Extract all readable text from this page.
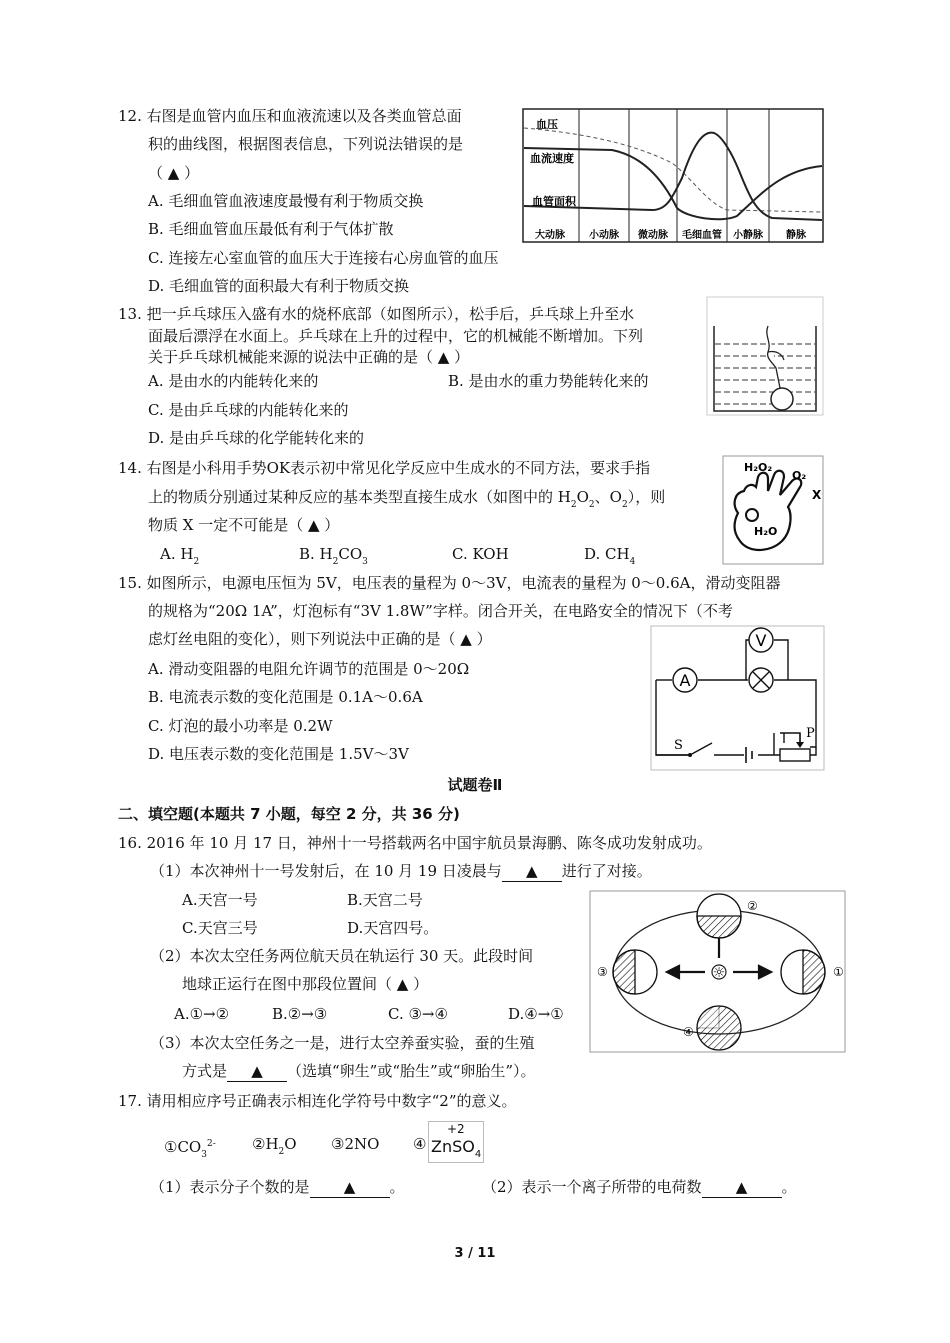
12. 右图是血管内血压和血液流速以及各类血管总面
积的曲线图，根据图表信息，下列说法错误的是
（ ▲ ）
A. 毛细血管血液速度最慢有利于物质交换
B. 毛细血管血压最低有利于气体扩散
C. 连接左心室血管的血压大于连接右心房血管的血压
D. 毛细血管的面积最大有利于物质交换
血压
血流速度
血管面积
大动脉 小动脉 微动脉 毛细血管 小静脉 静脉
13. 把一乒乓球压入盛有水的烧杯底部（如图所示），松手后，乒乓球上升至水
面最后漂浮在水面上。乒乓球在上升的过程中，它的机械能不断增加。下列
关于乒乓球机械能来源的说法中正确的是（ ▲ ）
A. 是由水的内能转化来的	B. 是由水的重力势能转化来的
C. 是由乒乓球的内能转化来的
D. 是由乒乓球的化学能转化来的
14. 右图是小科用手势OK表示初中常见化学反应中生成水的不同方法，要求手指
上的物质分别通过某种反应的基本类型直接生成水（如图中的 $H_2O_2$、$O_2$），则
物质 X 一定不可能是（ ▲ ）
A. $H_2$	B. $H_2CO_3$	C. KOH	D. $CH_4$
H₂O₂
O₂
X
H₂O
15. 如图所示，电源电压恒为 5V，电压表的量程为 0～3V，电流表的量程为 0～0.6A，滑动变阻器
的规格为“20Ω 1A”，灯泡标有“3V 1.8W”字样。闭合开关，在电路安全的情况下（不考
虑灯丝电阻的变化），则下列说法中正确的是（ ▲ ）
A. 滑动变阻器的电阻允许调节的范围是 0～20Ω
B. 电流表示数的变化范围是 0.1A～0.6A
C. 灯泡的最小功率是 0.2W
D. 电压表示数的变化范围是 1.5V～3V
A
V
S
P
试题卷Ⅱ
二、填空题(本题共 7 小题，每空 2 分，共 36 分)
16. 2016 年 10 月 17 日，神州十一号搭载两名中国宇航员景海鹏、陈冬成功发射成功。
（1）本次神州十一号发射后，在 10 月 19 日凌晨与 ▲ 进行了对接。
A.天宫一号	B.天宫二号
C.天宫三号	D.天宫四号。
（2）本次太空任务两位航天员在轨运行 30 天。此段时间
地球正运行在图中那段位置间（ ▲ ）
A.①→②	B.②→③	C. ③→④	D.④→①
（3）本次太空任务之一是，进行太空养蚕实验，蚕的生殖
方式是 ▲ （选填“卵生”或“胎生”或“卵胎生”）。
☼	①
②
③
④
17. 请用相应序号正确表示相连化学符号中数字“2”的意义。
$①CO_3^{2-}$ $②H_2O$ ③2NO ④
+2
ZnSO$_4$
（1）表示分子个数的是 ▲ 。	（2）表示一个离子所带的电荷数 ▲ 。
3 / 11
